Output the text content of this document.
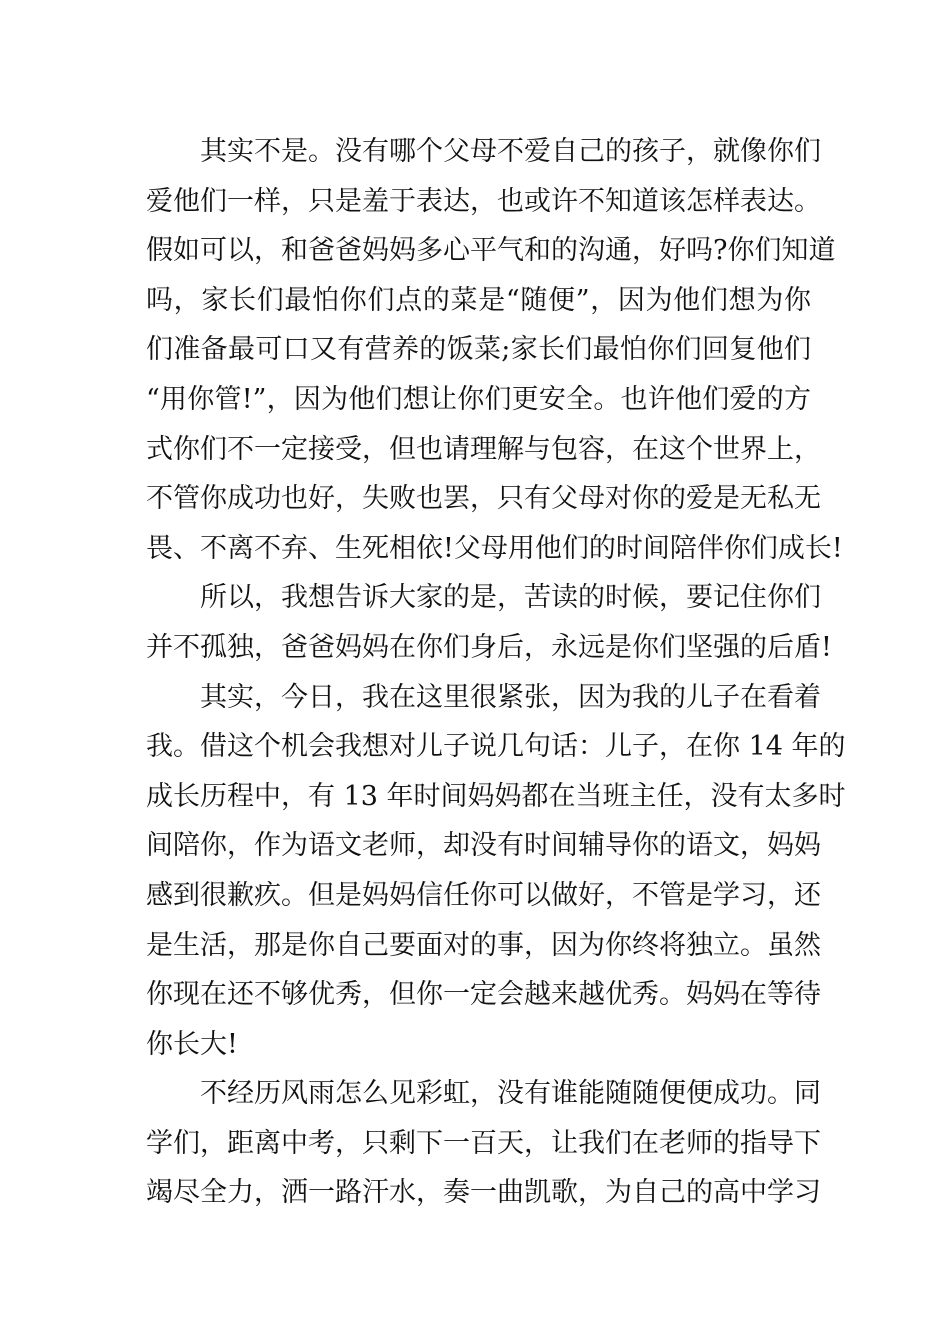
其实不是。没有哪个父母不爱自己的孩子，就像你们
爱他们一样，只是羞于表达，也或许不知道该怎样表达。
假如可以，和爸爸妈妈多心平气和的沟通，好吗?你们知道
吗，家长们最怕你们点的菜是“随便”，因为他们想为你
们准备最可口又有营养的饭菜;家长们最怕你们回复他们
“用你管!”，因为他们想让你们更安全。也许他们爱的方
式你们不一定接受，但也请理解与包容，在这个世界上，
不管你成功也好，失败也罢，只有父母对你的爱是无私无
畏、不离不弃、生死相依!父母用他们的时间陪伴你们成长!
所以，我想告诉大家的是，苦读的时候，要记住你们
并不孤独，爸爸妈妈在你们身后，永远是你们坚强的后盾!
其实，今日，我在这里很紧张，因为我的儿子在看着
我。借这个机会我想对儿子说几句话：儿子，在你 14 年的
成长历程中，有 13 年时间妈妈都在当班主任，没有太多时
间陪你，作为语文老师，却没有时间辅导你的语文，妈妈
感到很歉疚。但是妈妈信任你可以做好，不管是学习，还
是生活，那是你自己要面对的事，因为你终将独立。虽然
你现在还不够优秀，但你一定会越来越优秀。妈妈在等待
你长大!
不经历风雨怎么见彩虹，没有谁能随随便便成功。同
学们，距离中考，只剩下一百天，让我们在老师的指导下
竭尽全力，洒一路汗水，奏一曲凯歌，为自己的高中学习
